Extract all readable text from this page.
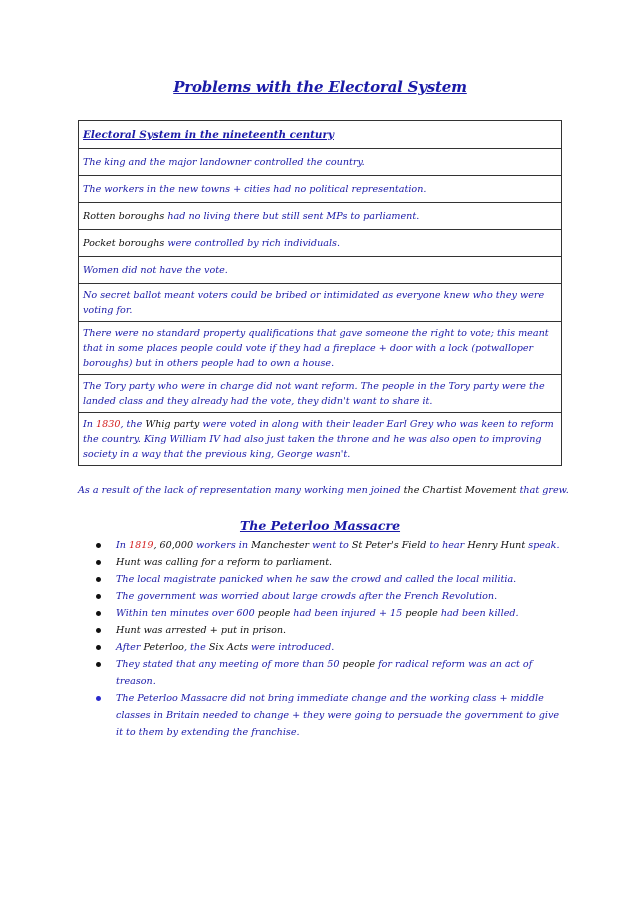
Problems with the Electoral System
Electoral System in the nineteenth century
The king and the major landowner controlled the country.
The workers in the new towns + cities had no political representation.
Rotten boroughs had no living there but still sent MPs to parliament.
Pocket boroughs were controlled by rich individuals.
Women did not have the vote.
No secret ballot meant voters could be bribed or intimidated as everyone knew who they were voting for.
There were no standard property qualifications that gave someone the right to vote; this meant that in some places people could vote if they had a fireplace + door with a lock (potwalloper boroughs) but in others people had to own a house.
The Tory party who were in charge did not want reform. The people in the Tory party were the landed class and they already had the vote, they didn't want to share it.
In 1830, the Whig party were voted in along with their leader Earl Grey who was keen to reform the country. King William IV had also just taken the throne and he was also open to improving society in a way that the previous king, George wasn't.
As a result of the lack of representation many working men joined the Chartist Movement that grew.
The Peterloo Massacre
In 1819, 60,000 workers in Manchester went to St Peter's Field to hear Henry Hunt speak.
Hunt was calling for a reform to parliament.
The local magistrate panicked when he saw the crowd and called the local militia.
The government was worried about large crowds after the French Revolution.
Within ten minutes over 600 people had been injured + 15 people had been killed.
Hunt was arrested + put in prison.
After Peterloo, the Six Acts were introduced.
They stated that any meeting of more than 50 people for radical reform was an act of treason.
The Peterloo Massacre did not bring immediate change and the working class + middle classes in Britain needed to change + they were going to persuade the government to give it to them by extending the franchise.
